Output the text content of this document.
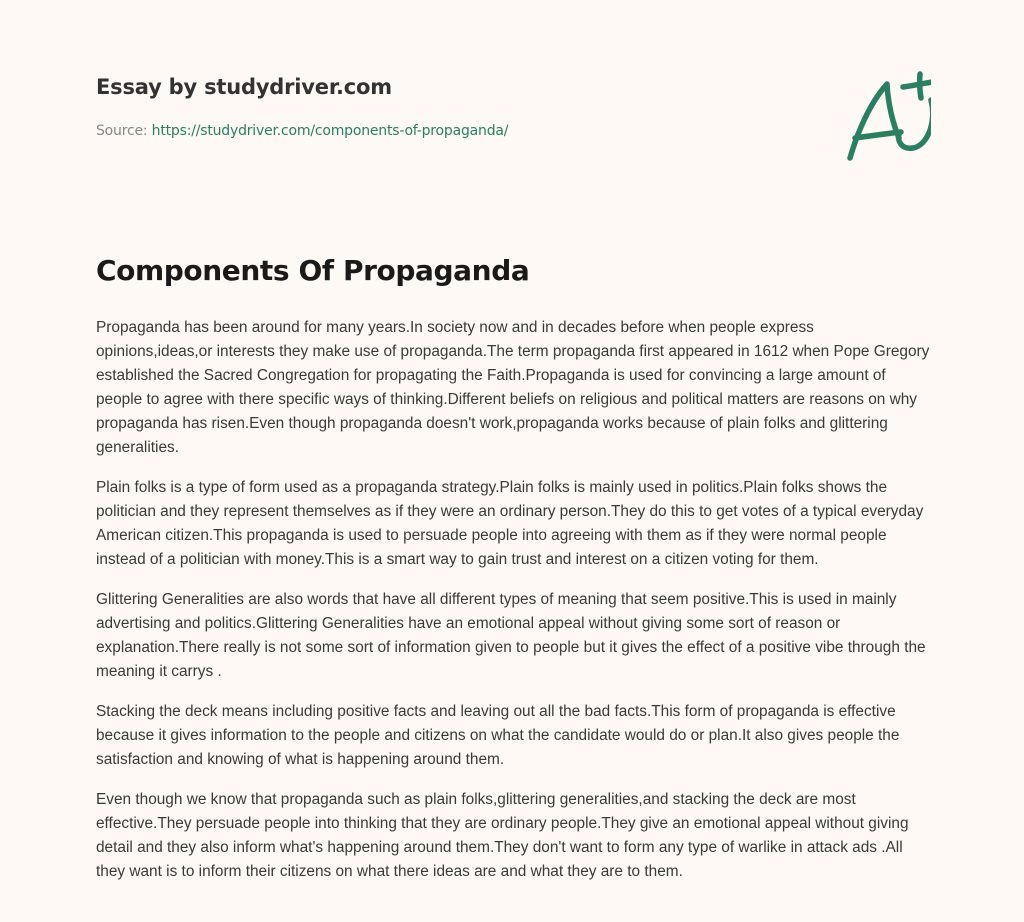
Essay by studydriver.com
Source: https://studydriver.com/components-of-propaganda/
Components Of Propaganda

Propaganda has been around for many years.In society now and in decades before when people express opinions,ideas,or interests they make use of propaganda.The term propaganda first appeared in 1612 when Pope Gregory established the Sacred Congregation for propagating the Faith.Propaganda is used for convincing a large amount of people to agree with there specific ways of thinking.Different beliefs on religious and political matters are reasons on why propaganda has risen.Even though propaganda doesn't work,propaganda works because of plain folks and glittering generalities.

Plain folks is a type of form used as a propaganda strategy.Plain folks is mainly used in politics.Plain folks shows the politician and they represent themselves as if they were an ordinary person.They do this to get votes of a typical everyday American citizen.This propaganda is used to persuade people into agreeing with them as if they were normal people instead of a politician with money.This is a smart way to gain trust and interest on a citizen voting for them.

Glittering Generalities are also words that have all different types of meaning that seem positive.This is used in mainly advertising and politics.Glittering Generalities have an emotional appeal without giving some sort of reason or explanation.There really is not some sort of information given to people but it gives the effect of a positive vibe through the meaning it carrys .

Stacking the deck means including positive facts and leaving out all the bad facts.This form of propaganda is effective because it gives information to the people and citizens on what the candidate would do or plan.It also gives people the satisfaction and knowing of what is happening around them.

Even though we know that propaganda such as plain folks,glittering generalities,and stacking the deck are most effective.They persuade people into thinking that they are ordinary people.They give an emotional appeal without giving detail and they also inform what's happening around them.They don't want to form any type of warlike in attack ads .All they want is to inform their citizens on what there ideas are and what they are to them.
